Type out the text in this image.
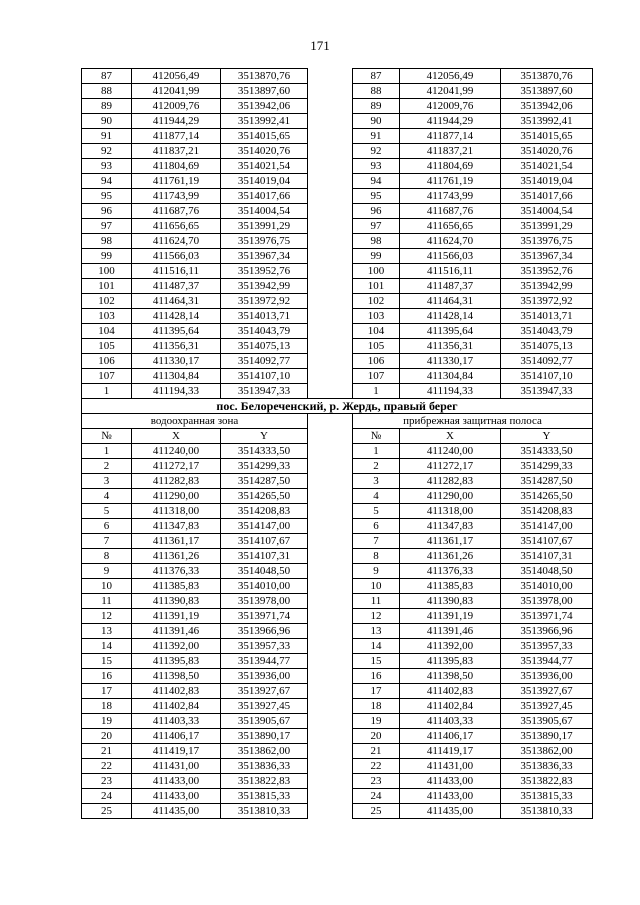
171
87	412056,49	3513870,76		87	412056,49	3513870,76
88	412041,99	3513897,60		88	412041,99	3513897,60
89	412009,76	3513942,06		89	412009,76	3513942,06
90	411944,29	3513992,41		90	411944,29	3513992,41
91	411877,14	3514015,65		91	411877,14	3514015,65
92	411837,21	3514020,76		92	411837,21	3514020,76
93	411804,69	3514021,54		93	411804,69	3514021,54
94	411761,19	3514019,04		94	411761,19	3514019,04
95	411743,99	3514017,66		95	411743,99	3514017,66
96	411687,76	3514004,54		96	411687,76	3514004,54
97	411656,65	3513991,29		97	411656,65	3513991,29
98	411624,70	3513976,75		98	411624,70	3513976,75
99	411566,03	3513967,34		99	411566,03	3513967,34
100	411516,11	3513952,76		100	411516,11	3513952,76
101	411487,37	3513942,99		101	411487,37	3513942,99
102	411464,31	3513972,92		102	411464,31	3513972,92
103	411428,14	3514013,71		103	411428,14	3514013,71
104	411395,64	3514043,79		104	411395,64	3514043,79
105	411356,31	3514075,13		105	411356,31	3514075,13
106	411330,17	3514092,77		106	411330,17	3514092,77
107	411304,84	3514107,10		107	411304,84	3514107,10
1	411194,33	3513947,33		1	411194,33	3513947,33
пос. Белореченский, р. Жердь, правый берег						
водоохранная зона				прибрежная защитная полоса		
№	X	Y		№	X	Y
1	411240,00	3514333,50		1	411240,00	3514333,50
2	411272,17	3514299,33		2	411272,17	3514299,33
3	411282,83	3514287,50		3	411282,83	3514287,50
4	411290,00	3514265,50		4	411290,00	3514265,50
5	411318,00	3514208,83		5	411318,00	3514208,83
6	411347,83	3514147,00		6	411347,83	3514147,00
7	411361,17	3514107,67		7	411361,17	3514107,67
8	411361,26	3514107,31		8	411361,26	3514107,31
9	411376,33	3514048,50		9	411376,33	3514048,50
10	411385,83	3514010,00		10	411385,83	3514010,00
11	411390,83	3513978,00		11	411390,83	3513978,00
12	411391,19	3513971,74		12	411391,19	3513971,74
13	411391,46	3513966,96		13	411391,46	3513966,96
14	411392,00	3513957,33		14	411392,00	3513957,33
15	411395,83	3513944,77		15	411395,83	3513944,77
16	411398,50	3513936,00		16	411398,50	3513936,00
17	411402,83	3513927,67		17	411402,83	3513927,67
18	411402,84	3513927,45		18	411402,84	3513927,45
19	411403,33	3513905,67		19	411403,33	3513905,67
20	411406,17	3513890,17		20	411406,17	3513890,17
21	411419,17	3513862,00		21	411419,17	3513862,00
22	411431,00	3513836,33		22	411431,00	3513836,33
23	411433,00	3513822,83		23	411433,00	3513822,83
24	411433,00	3513815,33		24	411433,00	3513815,33
25	411435,00	3513810,33		25	411435,00	3513810,33
